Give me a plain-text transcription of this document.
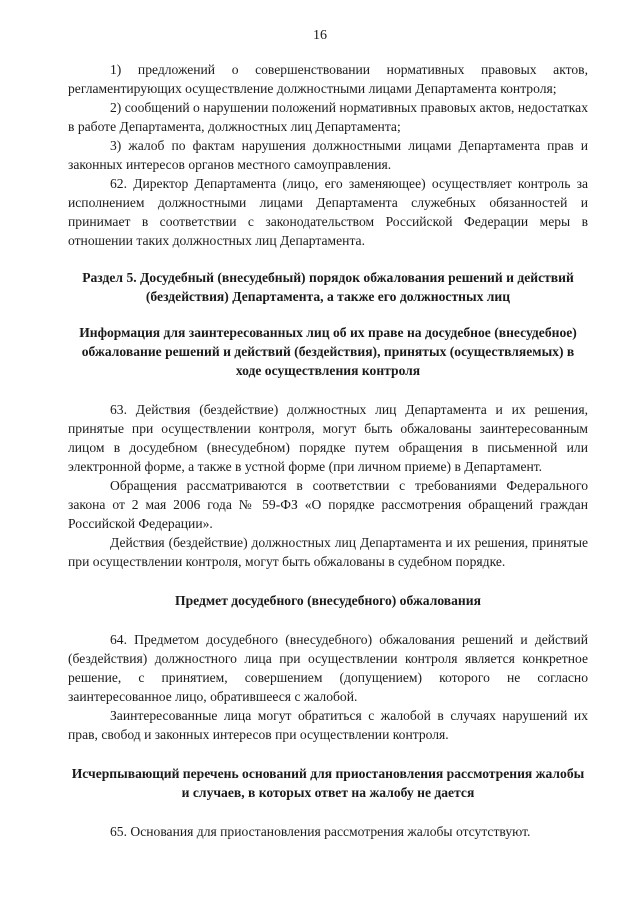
16

1) предложений о совершенствовании нормативных правовых актов, регламентирующих осуществление должностными лицами Департамента контроля;

2) сообщений о нарушении положений нормативных правовых актов, недостатках в работе Департамента, должностных лиц Департамента;

3) жалоб по фактам нарушения должностными лицами Департамента прав и законных интересов органов местного самоуправления.

62. Директор Департамента (лицо, его заменяющее) осуществляет контроль за исполнением должностными лицами Департамента служебных обязанностей и принимает в соответствии с законодательством Российской Федерации меры в отношении таких должностных лиц Департамента.

Раздел 5. Досудебный (внесудебный) порядок обжалования решений и действий (бездействия) Департамента, а также его должностных лиц

Информация для заинтересованных лиц об их праве на досудебное (внесудебное) обжалование решений и действий (бездействия), принятых (осуществляемых) в ходе осуществления контроля

63. Действия (бездействие) должностных лиц Департамента и их решения, принятые при осуществлении контроля, могут быть обжалованы заинтересованным лицом в досудебном (внесудебном) порядке путем обращения в письменной или электронной форме, а также в устной форме (при личном приеме) в Департамент.

Обращения рассматриваются в соответствии с требованиями Федерального закона от 2 мая 2006 года № 59-ФЗ «О порядке рассмотрения обращений граждан Российской Федерации».

Действия (бездействие) должностных лиц Департамента и их решения, принятые при осуществлении контроля, могут быть обжалованы в судебном порядке.

Предмет досудебного (внесудебного) обжалования

64. Предметом досудебного (внесудебного) обжалования решений и действий (бездействия) должностного лица при осуществлении контроля является конкретное решение, с принятием, совершением (допущением) которого не согласно заинтересованное лицо, обратившееся с жалобой.

Заинтересованные лица могут обратиться с жалобой в случаях нарушений их прав, свобод и законных интересов при осуществлении контроля.

Исчерпывающий перечень оснований для приостановления рассмотрения жалобы и случаев, в которых ответ на жалобу не дается

65. Основания для приостановления рассмотрения жалобы отсутствуют.
